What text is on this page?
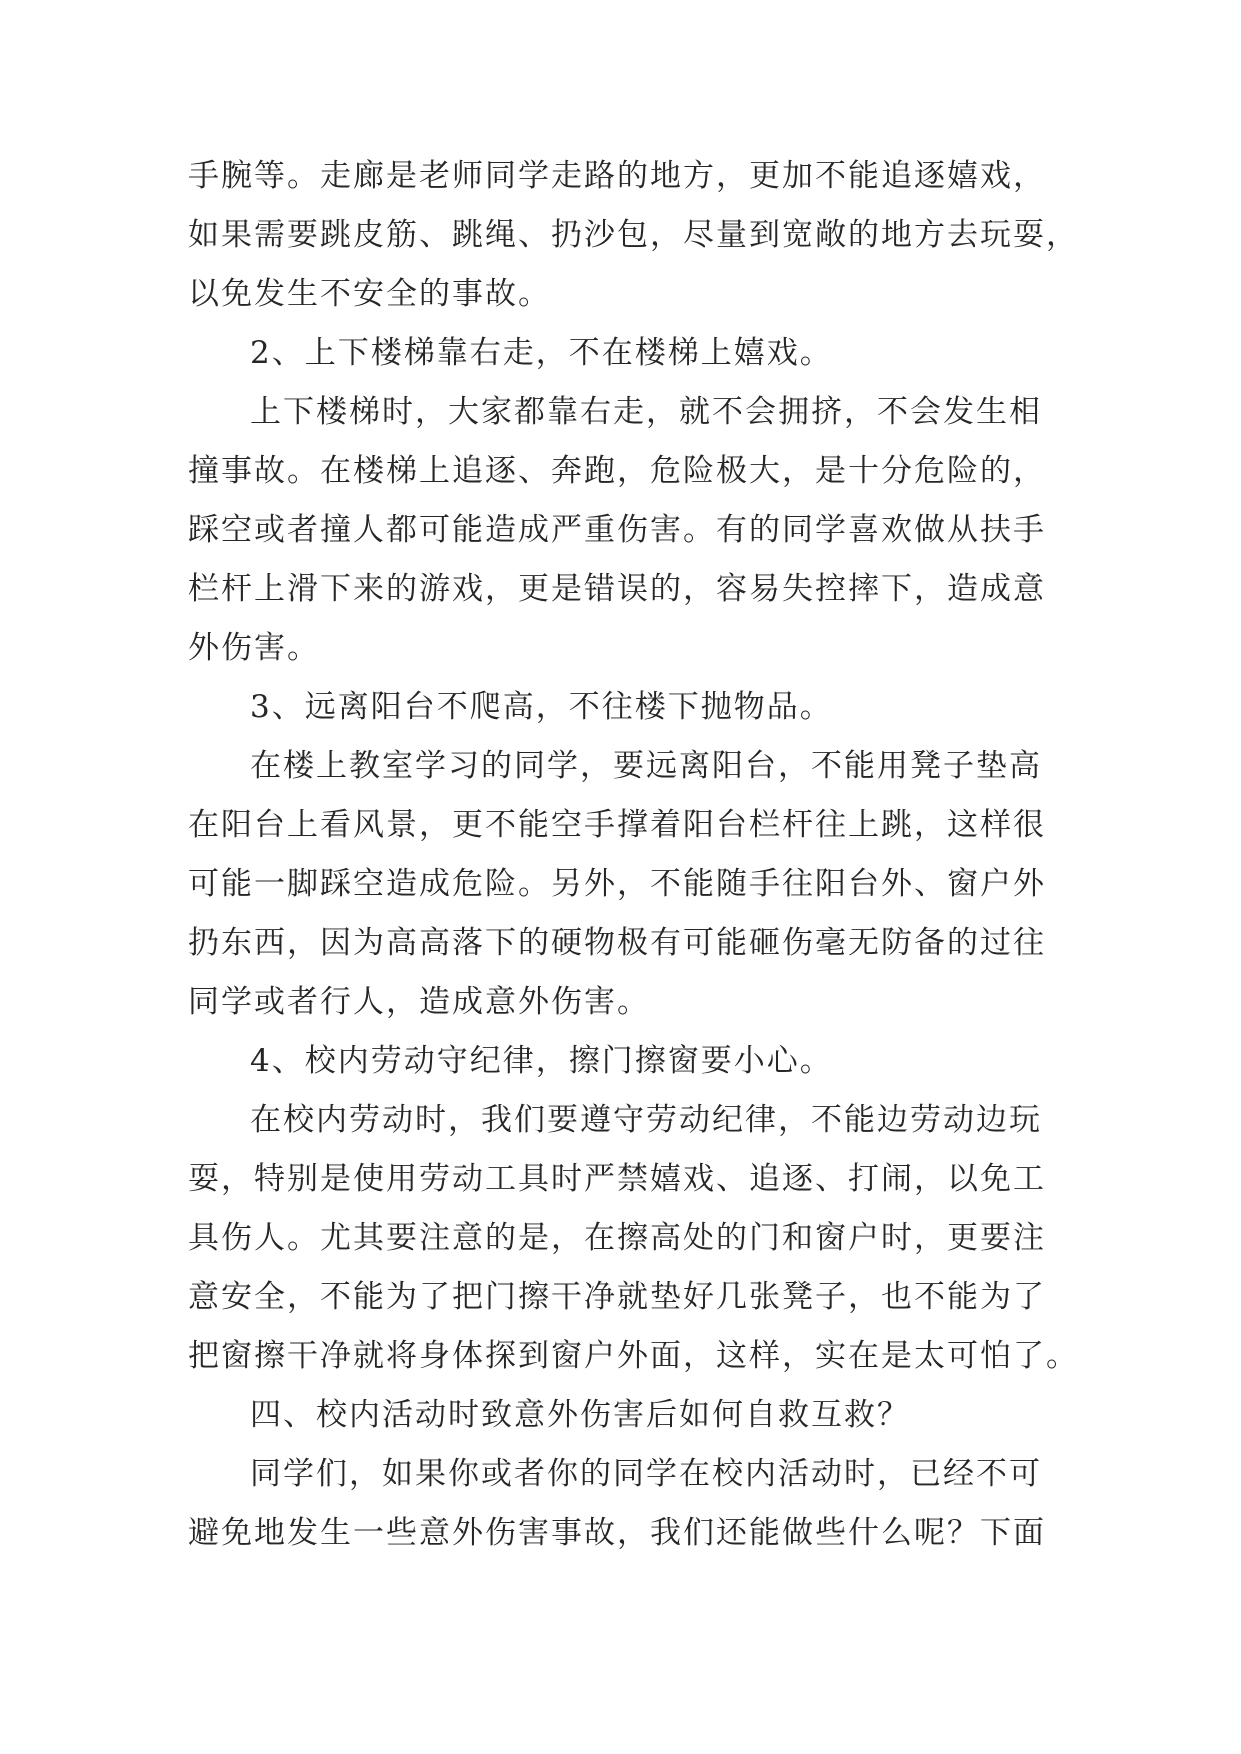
手腕等。走廊是老师同学走路的地方，更加不能追逐嬉戏，
如果需要跳皮筋、跳绳、扔沙包，尽量到宽敞的地方去玩耍，
以免发生不安全的事故。
2、上下楼梯靠右走，不在楼梯上嬉戏。
上下楼梯时，大家都靠右走，就不会拥挤，不会发生相
撞事故。在楼梯上追逐、奔跑，危险极大，是十分危险的，
踩空或者撞人都可能造成严重伤害。有的同学喜欢做从扶手
栏杆上滑下来的游戏，更是错误的，容易失控摔下，造成意
外伤害。
3、远离阳台不爬高，不往楼下抛物品。
在楼上教室学习的同学，要远离阳台，不能用凳子垫高
在阳台上看风景，更不能空手撑着阳台栏杆往上跳，这样很
可能一脚踩空造成危险。另外，不能随手往阳台外、窗户外
扔东西，因为高高落下的硬物极有可能砸伤毫无防备的过往
同学或者行人，造成意外伤害。
4、校内劳动守纪律，擦门擦窗要小心。
在校内劳动时，我们要遵守劳动纪律，不能边劳动边玩
耍，特别是使用劳动工具时严禁嬉戏、追逐、打闹，以免工
具伤人。尤其要注意的是，在擦高处的门和窗户时，更要注
意安全，不能为了把门擦干净就垫好几张凳子，也不能为了
把窗擦干净就将身体探到窗户外面，这样，实在是太可怕了。
四、校内活动时致意外伤害后如何自救互救？
同学们，如果你或者你的同学在校内活动时，已经不可
避免地发生一些意外伤害事故，我们还能做些什么呢？下面
